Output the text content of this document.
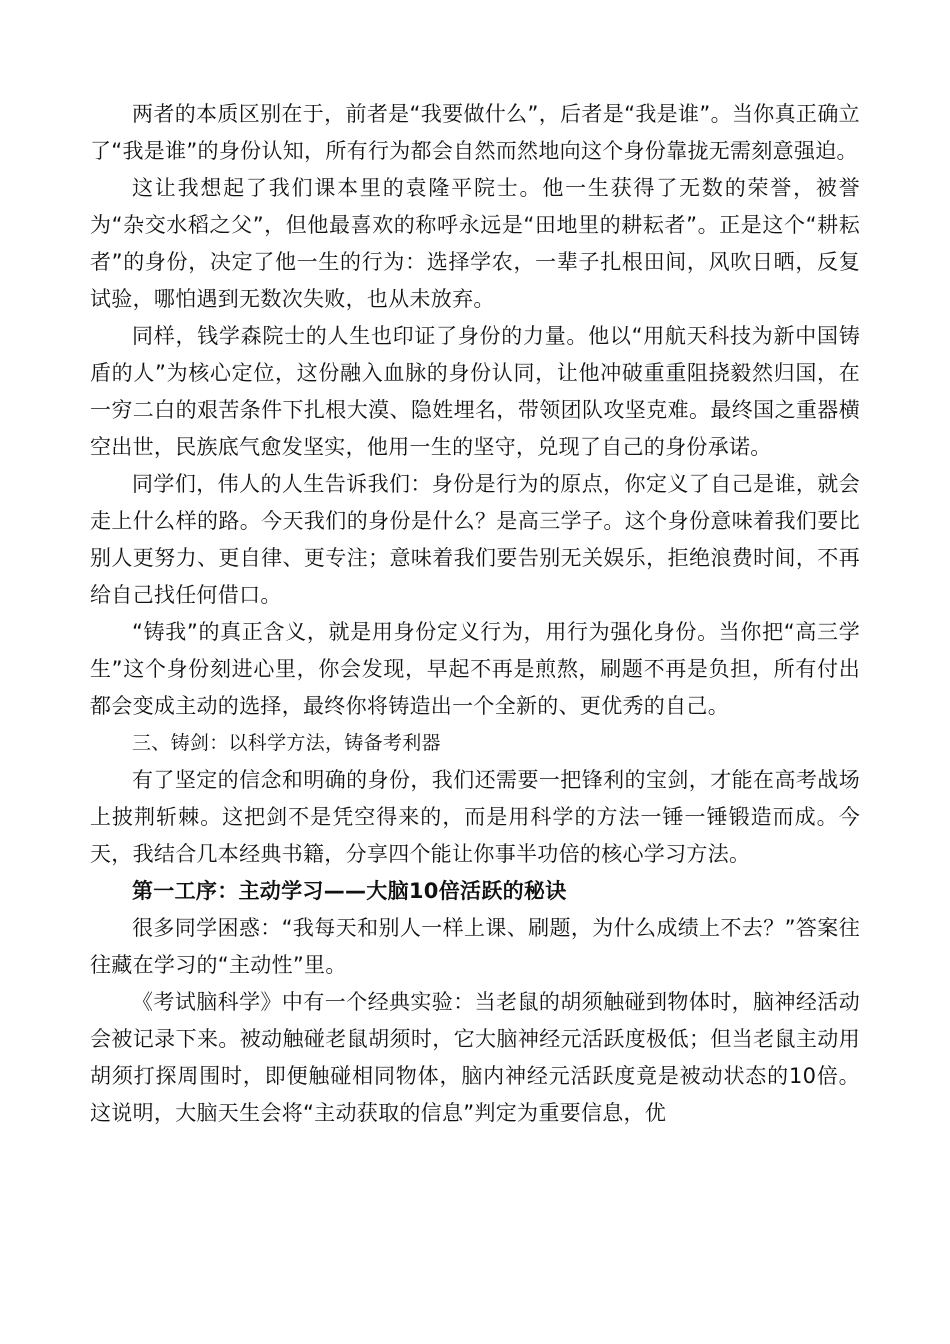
两者的本质区别在于，前者是“我要做什么”，后者是“我是谁”。当你真正确立了“我是谁”的身份认知，所有行为都会自然而然地向这个身份靠拢无需刻意强迫。

这让我想起了我们课本里的袁隆平院士。他一生获得了无数的荣誉，被誉为“杂交水稻之父”，但他最喜欢的称呼永远是“田地里的耕耘者”。正是这个“耕耘者”的身份，决定了他一生的行为：选择学农，一辈子扎根田间，风吹日晒，反复试验，哪怕遇到无数次失败，也从未放弃。

同样，钱学森院士的人生也印证了身份的力量。他以“用航天科技为新中国铸盾的人”为核心定位，这份融入血脉的身份认同，让他冲破重重阻挠毅然归国，在一穷二白的艰苦条件下扎根大漠、隐姓埋名，带领团队攻坚克难。最终国之重器横空出世，民族底气愈发坚实，他用一生的坚守，兑现了自己的身份承诺。

同学们，伟人的人生告诉我们：身份是行为的原点，你定义了自己是谁，就会走上什么样的路。今天我们的身份是什么？是高三学子。这个身份意味着我们要比别人更努力、更自律、更专注；意味着我们要告别无关娱乐，拒绝浪费时间，不再给自己找任何借口。

“铸我”的真正含义，就是用身份定义行为，用行为强化身份。当你把“高三学生”这个身份刻进心里，你会发现，早起不再是煎熬，刷题不再是负担，所有付出都会变成主动的选择，最终你将铸造出一个全新的、更优秀的自己。

三、铸剑：以科学方法，铸备考利器

有了坚定的信念和明确的身份，我们还需要一把锋利的宝剑，才能在高考战场上披荆斩棘。这把剑不是凭空得来的，而是用科学的方法一锤一锤锻造而成。今天，我结合几本经典书籍，分享四个能让你事半功倍的核心学习方法。

第一工序：主动学习——大脑10倍活跃的秘诀

很多同学困惑：“我每天和别人一样上课、刷题，为什么成绩上不去？”答案往往藏在学习的“主动性”里。

《考试脑科学》中有一个经典实验：当老鼠的胡须触碰到物体时，脑神经活动会被记录下来。被动触碰老鼠胡须时，它大脑神经元活跃度极低；但当老鼠主动用胡须打探周围时，即便触碰相同物体，脑内神经元活跃度竟是被动状态的10倍。这说明，大脑天生会将“主动获取的信息”判定为重要信息，优
